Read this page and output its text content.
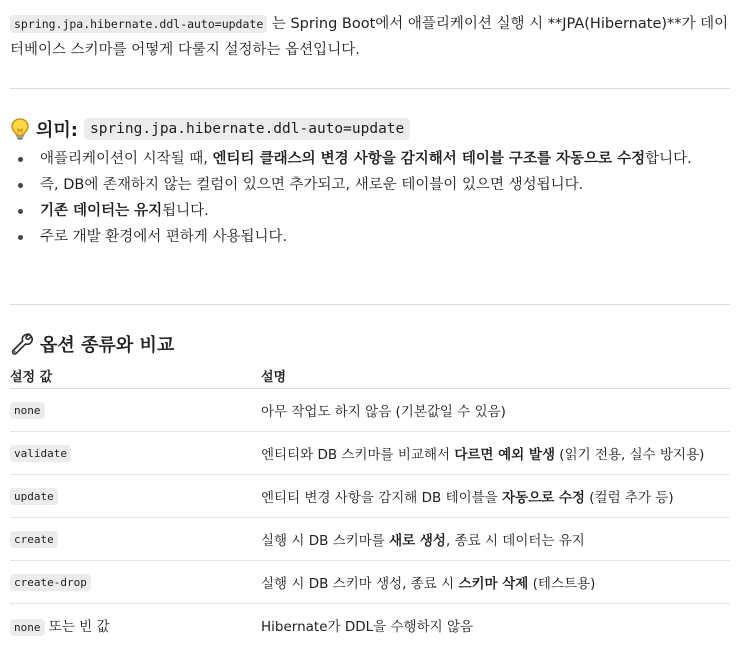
spring.jpa.hibernate.ddl-auto=update 는 Spring Boot에서 애플리케이션 실행 시 **JPA(Hibernate)**가 데이터베이스 스키마를 어떻게 다룰지 설정하는 옵션입니다.

의미: spring.jpa.hibernate.ddl-auto=update
애플리케이션이 시작될 때, 엔티티 클래스의 변경 사항을 감지해서 테이블 구조를 자동으로 수정합니다.
즉, DB에 존재하지 않는 컬럼이 있으면 추가되고, 새로운 테이블이 있으면 생성됩니다.
기존 데이터는 유지됩니다.
주로 개발 환경에서 편하게 사용됩니다.
옵션 종류와 비교
설정 값	설명
none	아무 작업도 하지 않음 (기본값일 수 있음)
validate	엔티티와 DB 스키마를 비교해서 다르면 예외 발생 (읽기 전용, 실수 방지용)
update	엔티티 변경 사항을 감지해 DB 테이블을 자동으로 수정 (컬럼 추가 등)
create	실행 시 DB 스키마를 새로 생성, 종료 시 데이터는 유지
create-drop	실행 시 DB 스키마 생성, 종료 시 스키마 삭제 (테스트용)
none 또는 빈 값	Hibernate가 DDL을 수행하지 않음
